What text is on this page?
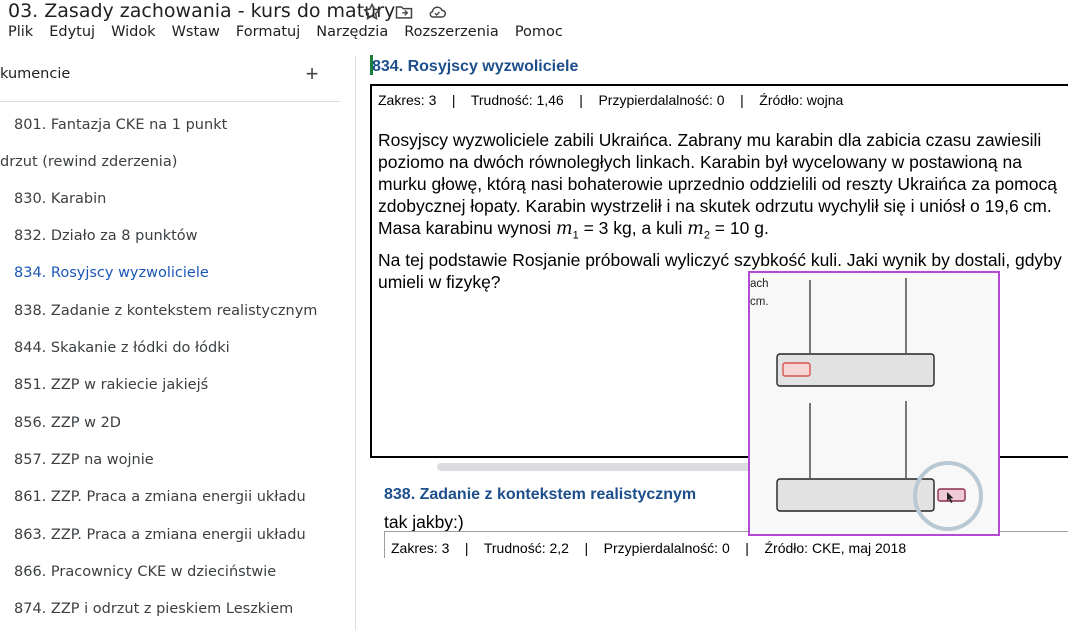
03. Zasady zachowania - kurs do matury
Plik Edytuj Widok Wstaw Formatuj Narzędzia Rozszerzenia Pomoc
kumencie	+
801. Fantazja CKE na 1 punkt
drzut (rewind zderzenia)
830. Karabin
832. Działo za 8 punktów
834. Rosyjscy wyzwoliciele
838. Zadanie z kontekstem realistycznym
844. Skakanie z łódki do łódki
851. ZZP w rakiecie jakiejś
856. ZZP w 2D
857. ZZP na wojnie
861. ZZP. Praca a zmiana energii układu
863. ZZP. Praca a zmiana energii układu
866. Pracownicy CKE w dzieciństwie
874. ZZP i odrzut z pieskiem Leszkiem
834. Rosyjscy wyzwoliciele
Zakres: 3    |    Trudność: 1,46    |    Przypierdalalność: 0    |    Źródło: wojna
Rosyjscy wyzwoliciele zabili Ukraińca. Zabrany mu karabin dla zabicia czasu zawiesili
poziomo na dwóch równoległych linkach. Karabin był wycelowany w postawioną na
murku głowę, którą nasi bohaterowie uprzednio oddzielili od reszty Ukraińca za pomocą
zdobycznej łopaty. Karabin wystrzelił i na skutek odrzutu wychylił się i uniósł o 19,6 cm.
Masa karabinu wynosi $m_1 = 3$ kg, a kuli $m_2 = 10$ g.
Na tej podstawie Rosjanie próbowali wyliczyć szybkość kuli. Jaki wynik by dostali, gdyby
umieli w fizykę?
838. Zadanie z kontekstem realistycznym
tak jakby:)
Zakres: 3    |    Trudność: 2,2    |    Przypierdalalność: 0    |    Źródło: CKE, maj 2018
ach
cm.
